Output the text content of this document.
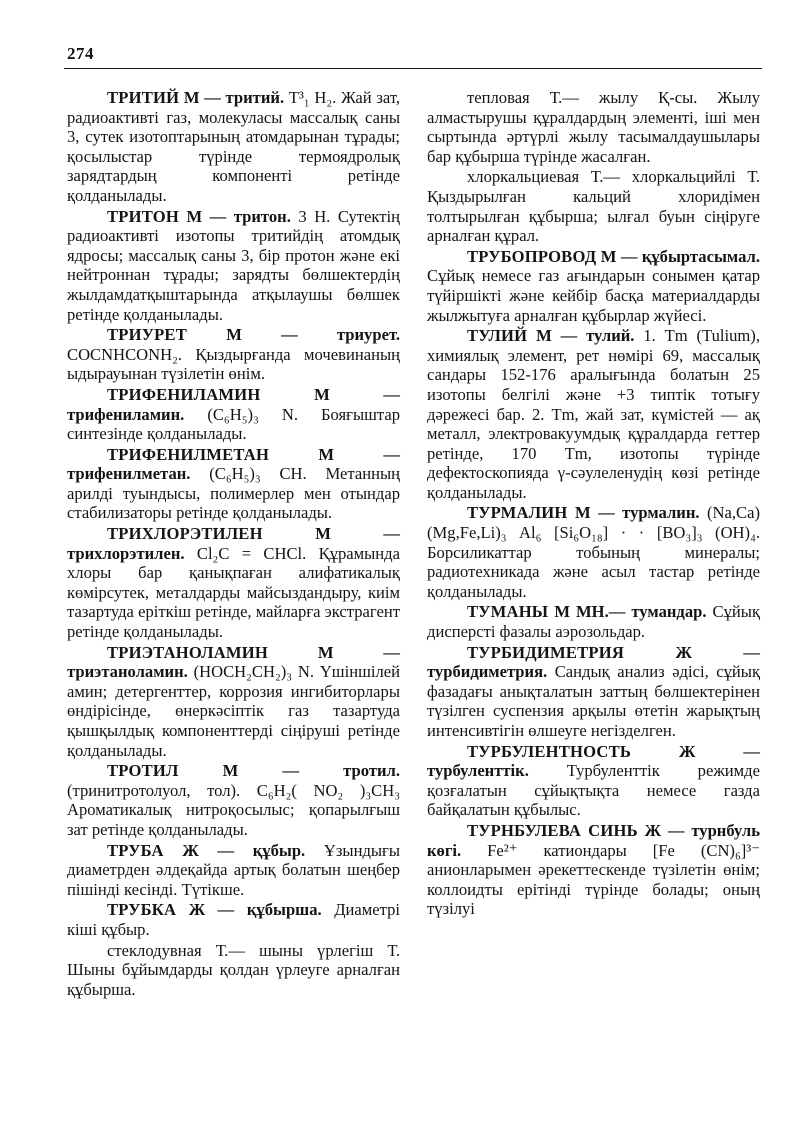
274

ТРИТИЙ М — тритий. T³₁ H₂. Жай зат, радиоактивті газ, молекуласы массалық саны 3, сутек изотоптарының атомдарынан тұрады; қосылыстар түрінде термоядролық зарядтардың компоненті ретінде қолданылады.

ТРИТОН М — тритон. 3 Н. Сутектің радиоактивті изотопы тритийдің атомдық ядросы; массалық саны 3, бір протон және екі нейтроннан тұрады; зарядты бөлшектердің жылдамдатқыштарында атқылаушы бөлшек ретінде қолданылады.

ТРИУРЕТ М — триурет. COCNHCONH₂. Қыздырғанда мочевинаның ыдырауынан түзілетін өнім.

ТРИФЕНИЛАМИН М — трифениламин. (C₆H₅)₃ N. Бояғыштар синтезінде қолданылады.

ТРИФЕНИЛМЕТАН М — трифенилметан. (C₆H₅)₃ CH. Метанның арилді туындысы, полимерлер мен отындар стабилизаторы ретінде қолданылады.

ТРИХЛОРЭТИЛЕН М — трихлорэтилен. Cl₂C = CHCl. Құрамында хлоры бар қанықпаған алифатикалық көмірсутек, металдарды майсыздандыру, киім тазартуда еріткіш ретінде, майларға экстрагент ретінде қолданылады.

ТРИЭТАНОЛАМИН М — триэтаноламин. (HOCH₂CH₂)₃ N. Үшіншілей амин; детергенттер, коррозия ингибиторлары өндірісінде, өнеркәсіптік газ тазартуда қышқылдық компоненттерді сіңіруші ретінде қолданылады.

ТРОТИЛ М — тротил. (тринитротолуол, тол). C₆H₂( NO₂ )₃CH₃ Ароматикалық нитроқосылыс; қопарылғыш зат ретінде қолданылады.

ТРУБА Ж — құбыр. Ұзындығы диаметрден әлдеқайда артық болатын шеңбер пішінді кесінді. Түтікше.

ТРУБКА Ж — құбырша. Диаметрі кіші құбыр.

стеклодувная Т.— шыны үрлегіш Т. Шыны бұйымдарды қолдан үрлеуге арналған құбырша.

тепловая Т.— жылу Қ-сы. Жылу алмастырушы құралдардың элементі, іші мен сыртында әртүрлі жылу тасымалдаушылары бар құбырша түрінде жасалған.

хлоркальциевая Т.— хлоркальцийлі Т. Қыздырылған кальций хлоридімен толтырылған құбырша; ылғал буын сіңіруге арналған құрал.

ТРУБОПРОВОД М — құбыртасымал. Сұйық немесе газ ағындарын сонымен қатар түйіршікті және кейбір басқа материалдарды жылжытуға арналған құбырлар жүйесі.

ТУЛИЙ М — тулий. 1. Tm (Tulium), химиялық элемент, рет нөмірі 69, массалық сандары 152-176 аралығында болатын 25 изотопы белгілі және +3 типтік тотығу дәрежесі бар. 2. Tm, жай зат, күмістей — ақ металл, электровакуумдық құралдарда геттер ретінде, 170 Tm, изотопы түрінде дефектоскопияда γ-сәулеленудің көзі ретінде қолданылады.

ТУРМАЛИН М — турмалин. (Na,Ca)(Mg,Fe,Li)₃ Al₆ [Si₆O₁₈] · · [BO₃]₃ (OH)₄. Борсиликаттар тобының минералы; радиотехникада және асыл тастар ретінде қолданылады.

ТУМАНЫ М МН.— тумандар. Сұйық дисперсті фазалы аэрозольдар.

ТУРБИДИМЕТРИЯ Ж — турбидиметрия. Сандық анализ әдісі, сұйық фазадағы анықталатын заттың бөлшектерінен түзілген суспензия арқылы өтетін жарықтың интенсивтігін өлшеуге негізделген.

ТУРБУЛЕНТНОСТЬ Ж — турбуленттік. Турбуленттік режимде қозғалатын сұйықтықта немесе газда байқалатын құбылыс.

ТУРНБУЛЕВА СИНЬ Ж — турнбуль көгі. Fe²⁺ катиондары [Fe (CN)₆]³⁻ анионларымен әрекеттескенде түзілетін өнім; коллоидты ерітінді түрінде болады; оның түзілуі
